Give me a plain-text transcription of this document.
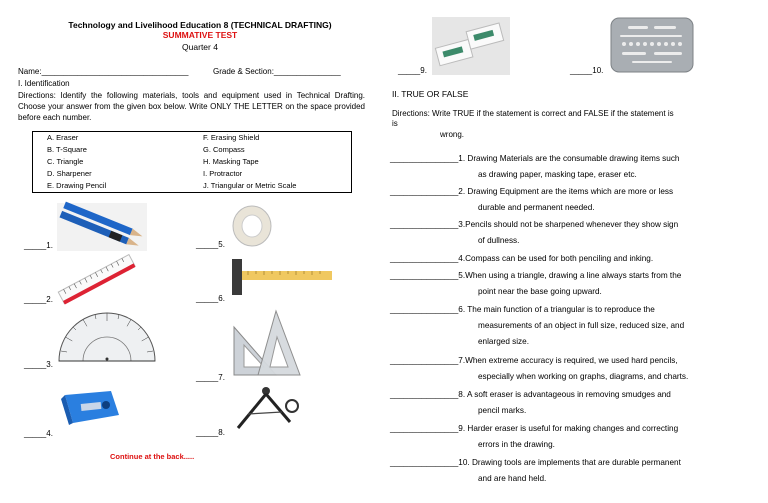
Technology and Livelihood Education 8 (TECHNICAL DRAFTING)
SUMMATIVE TEST
Quarter 4
Name:_________________________________	Grade & Section:_______________
I. Identification
Directions: Identify the following materials, tools and equipment used in Technical Drafting. Choose your answer from the given box below. Write ONLY THE LETTER on the space provided before each number.
A. Eraser
B. T-Square
C. Triangle
D. Sharpener
E. Drawing Pencil
F. Erasing Shield
G. Compass
H. Masking Tape
I. Protractor
J. Triangular or Metric Scale
_____1.
_____2.
_____3.
_____4.
_____5.
_____6.
_____7.
_____8.
Continue at the back.....
_____9.	_____10.
II. TRUE OR FALSE
Directions: Write TRUE if the statement is correct and FALSE if the statement is
is
wrong.
_______________1. Drawing Materials are the consumable drawing items such
as drawing paper, masking tape, eraser etc.
_______________2. Drawing Equipment are the items which are more or less
durable and permanent needed.
_______________3.Pencils should not be sharpened whenever they show sign
of dullness.
_______________4.Compass can be used for both penciling and inking.
_______________5.When using a triangle, drawing a line always starts from the
point near the base going upward.
_______________6. The main function of a triangular is to reproduce the
measurements of an object in full size, reduced size, and
enlarged size.
_______________7.When extreme accuracy is required, we used hard pencils,
especially when working on graphs, diagrams, and charts.
_______________8. A soft eraser is advantageous in removing smudges and
pencil marks.
_______________9. Harder eraser is useful for making changes and correcting
errors in the drawing.
_______________10. Drawing tools are implements that are durable permanent
and are hand held.
